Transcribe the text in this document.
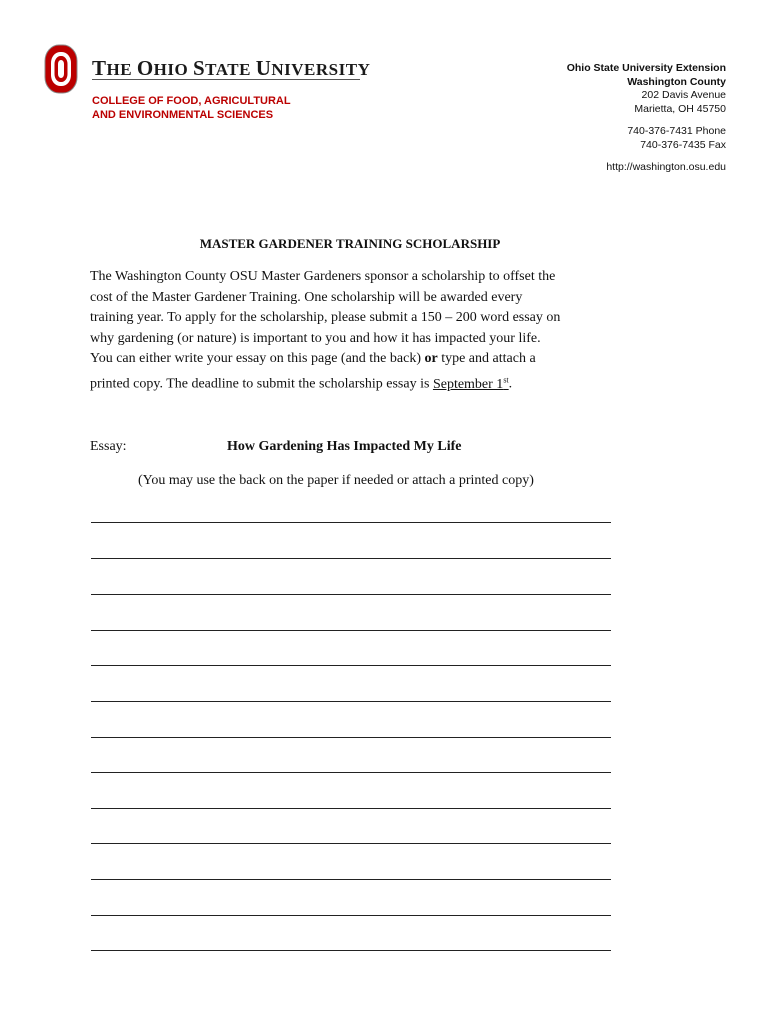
THE OHIO STATE UNIVERSITY
COLLEGE OF FOOD, AGRICULTURAL
AND ENVIRONMENTAL SCIENCES
Ohio State University Extension
Washington County
202 Davis Avenue
Marietta, OH 45750
740-376-7431 Phone
740-376-7435 Fax
http://washington.osu.edu
MASTER GARDENER TRAINING SCHOLARSHIP

The Washington County OSU Master Gardeners sponsor a scholarship to offset the

cost of the Master Gardener Training. One scholarship will be awarded every

training year. To apply for the scholarship, please submit a 150 – 200 word essay on

why gardening (or nature) is important to you and how it has impacted your life.

You can either write your essay on this page (and the back) or type and attach a

printed copy. The deadline to submit the scholarship essay is September 1st.

Essay:	How Gardening Has Impacted My Life
(You may use the back on the paper if needed or attach a printed copy)
